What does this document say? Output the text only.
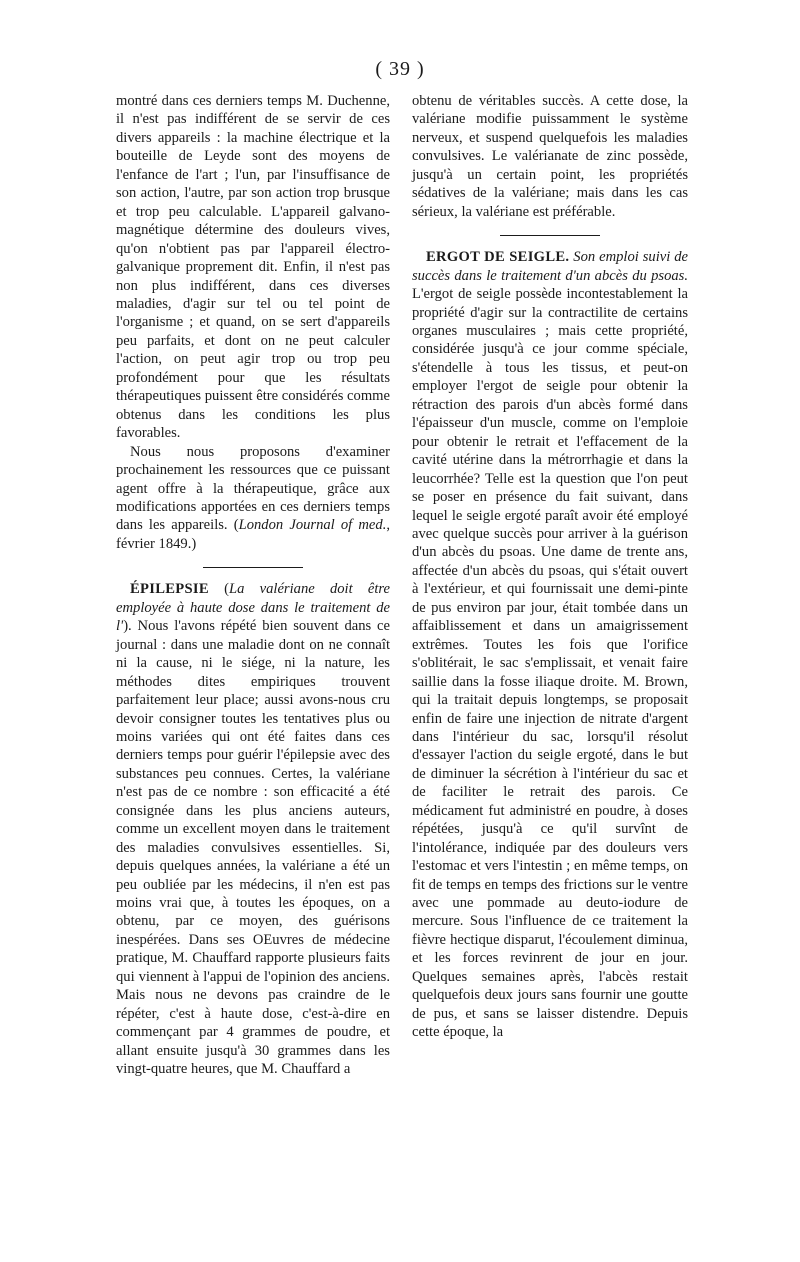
( 39 )

montré dans ces derniers temps M. Duchenne, il n'est pas indifférent de se servir de ces divers appareils : la machine électrique et la bouteille de Leyde sont des moyens de l'enfance de l'art ; l'un, par l'insuffisance de son action, l'autre, par son action trop brusque et trop peu calculable. L'appareil galvano-magnétique détermine des douleurs vives, qu'on n'obtient pas par l'appareil électro-galvanique proprement dit. Enfin, il n'est pas non plus indifférent, dans ces diverses maladies, d'agir sur tel ou tel point de l'organisme ; et quand, on se sert d'appareils peu parfaits, et dont on ne peut calculer l'action, on peut agir trop ou trop peu profondément pour que les résultats thérapeutiques puissent être considérés comme obtenus dans les conditions les plus favorables.

Nous nous proposons d'examiner prochainement les ressources que ce puissant agent offre à la thérapeutique, grâce aux modifications apportées en ces derniers temps dans les appareils. (London Journal of med., février 1849.)

ÉPILEPSIE (La valériane doit être employée à haute dose dans le traitement de l'). Nous l'avons répété bien souvent dans ce journal : dans une maladie dont on ne connaît ni la cause, ni le siége, ni la nature, les méthodes dites empiriques trouvent parfaitement leur place; aussi avons-nous cru devoir consigner toutes les tentatives plus ou moins variées qui ont été faites dans ces derniers temps pour guérir l'épilepsie avec des substances peu connues. Certes, la valériane n'est pas de ce nombre : son efficacité a été consignée dans les plus anciens auteurs, comme un excellent moyen dans le traitement des maladies convulsives essentielles. Si, depuis quelques années, la valériane a été un peu oubliée par les médecins, il n'en est pas moins vrai que, à toutes les époques, on a obtenu, par ce moyen, des guérisons inespérées. Dans ses OEuvres de médecine pratique, M. Chauffard rapporte plusieurs faits qui viennent à l'appui de l'opinion des anciens. Mais nous ne devons pas craindre de le répéter, c'est à haute dose, c'est-à-dire en commençant par 4 grammes de poudre, et allant ensuite jusqu'à 30 grammes dans les vingt-quatre heures, que M. Chauffard a

obtenu de véritables succès. A cette dose, la valériane modifie puissamment le système nerveux, et suspend quelquefois les maladies convulsives. Le valérianate de zinc possède, jusqu'à un certain point, les propriétés sédatives de la valériane; mais dans les cas sérieux, la valériane est préférable.

ERGOT DE SEIGLE. Son emploi suivi de succès dans le traitement d'un abcès du psoas. L'ergot de seigle possède incontestablement la propriété d'agir sur la contractilite de certains organes musculaires ; mais cette propriété, considérée jusqu'à ce jour comme spéciale, s'étendelle à tous les tissus, et peut-on employer l'ergot de seigle pour obtenir la rétraction des parois d'un abcès formé dans l'épaisseur d'un muscle, comme on l'emploie pour obtenir le retrait et l'effacement de la cavité utérine dans la métrorrhagie et dans la leucorrhée? Telle est la question que l'on peut se poser en présence du fait suivant, dans lequel le seigle ergoté paraît avoir été employé avec quelque succès pour arriver à la guérison d'un abcès du psoas. Une dame de trente ans, affectée d'un abcès du psoas, qui s'était ouvert à l'extérieur, et qui fournissait une demi-pinte de pus environ par jour, était tombée dans un affaiblissement et dans un amaigrissement extrêmes. Toutes les fois que l'orifice s'oblitérait, le sac s'emplissait, et venait faire saillie dans la fosse iliaque droite. M. Brown, qui la traitait depuis longtemps, se proposait enfin de faire une injection de nitrate d'argent dans l'intérieur du sac, lorsqu'il résolut d'essayer l'action du seigle ergoté, dans le but de diminuer la sécrétion à l'intérieur du sac et de faciliter le retrait des parois. Ce médicament fut administré en poudre, à doses répétées, jusqu'à ce qu'il survînt de l'intolérance, indiquée par des douleurs vers l'estomac et vers l'intestin ; en même temps, on fit de temps en temps des frictions sur le ventre avec une pommade au deuto-iodure de mercure. Sous l'influence de ce traitement la fièvre hectique disparut, l'écoulement diminua, et les forces revinrent de jour en jour. Quelques semaines après, l'abcès restait quelquefois deux jours sans fournir une goutte de pus, et sans se laisser distendre. Depuis cette époque, la
